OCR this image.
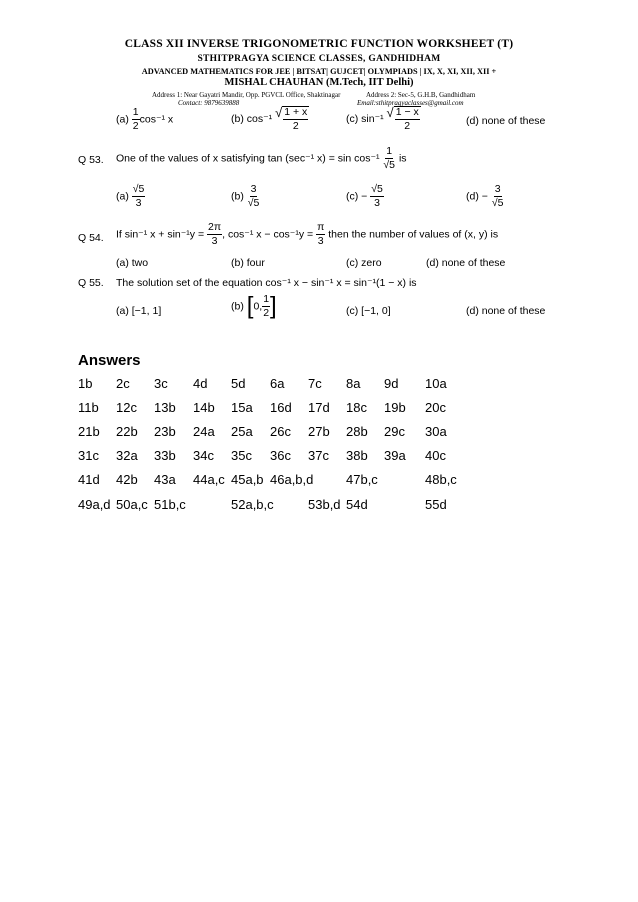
CLASS XII INVERSE TRIGONOMETRIC FUNCTION WORKSHEET (T)
STHITPRAGYA SCIENCE CLASSES, GANDHIDHAM
ADVANCED MATHEMATICS FOR JEE | BITSAT| GUJCET| OLYMPIADS | IX, X, XI, XII, XII +
MISHAL CHAUHAN (M.Tech, IIT Delhi)
Address 1: Near Gayatri Mandir, Opp. PGVCL Office, Shaktinagar	Address 2: Sec-5, G.H.B, Gandhidham
Contact: 9879639888	Email:sthitpragyaclasses@gmail.com
$(a) \frac{1}{2} \cos^{-1}$ x	(b) cos⁻¹ √ $\frac{1 + x}{2}$	(c) sin⁻¹ √ $\frac{1 - x}{2}$	(d) none of these
Q 53. One of the values of x satisfying tan (sec⁻¹ $x) = \sin \cos^{-1} \frac{1}{√5}$ is
$(a) \frac{√5}{3}$	$(b) \frac{3}{√5}$	$(c) - \frac{√5}{3}$	$(d) - \frac{3}{√5}$
Q 54. If sin⁻¹ $x + \sin^{-1}y = \frac{2\pi}{3}$ , cos⁻¹ $x - \cos^{-1}y = \frac{\pi}{3}$ then the number of values of (x, y) is
(a) two	(b) four	(c) zero	(d) none of these
Q 55. The solution set of the equation cos⁻¹ x − sin⁻¹ x = sin⁻¹(1 − x) is
(a) [−1, 1]	(b) [0, $\frac{1}{2}$ ]	(c) [−1, 0]	(d) none of these
Answers
1b 2c 3c 4d 5d 6a 7c 8a 9d 10a
11b 12c 13b 14b 15a 16d 17d 18c 19b 20c
21b 22b 23b 24a 25a 26c 27b 28b 29c 30a
31c 32a 33b 34c 35c 36c 37c 38b 39a 40c
41d 42b 43a 44a,c 45a,b 46a,b,d	47b,c	48b,c
49a,d 50a,c 51b,c	52a,b,c	53b,d 54d	55d
